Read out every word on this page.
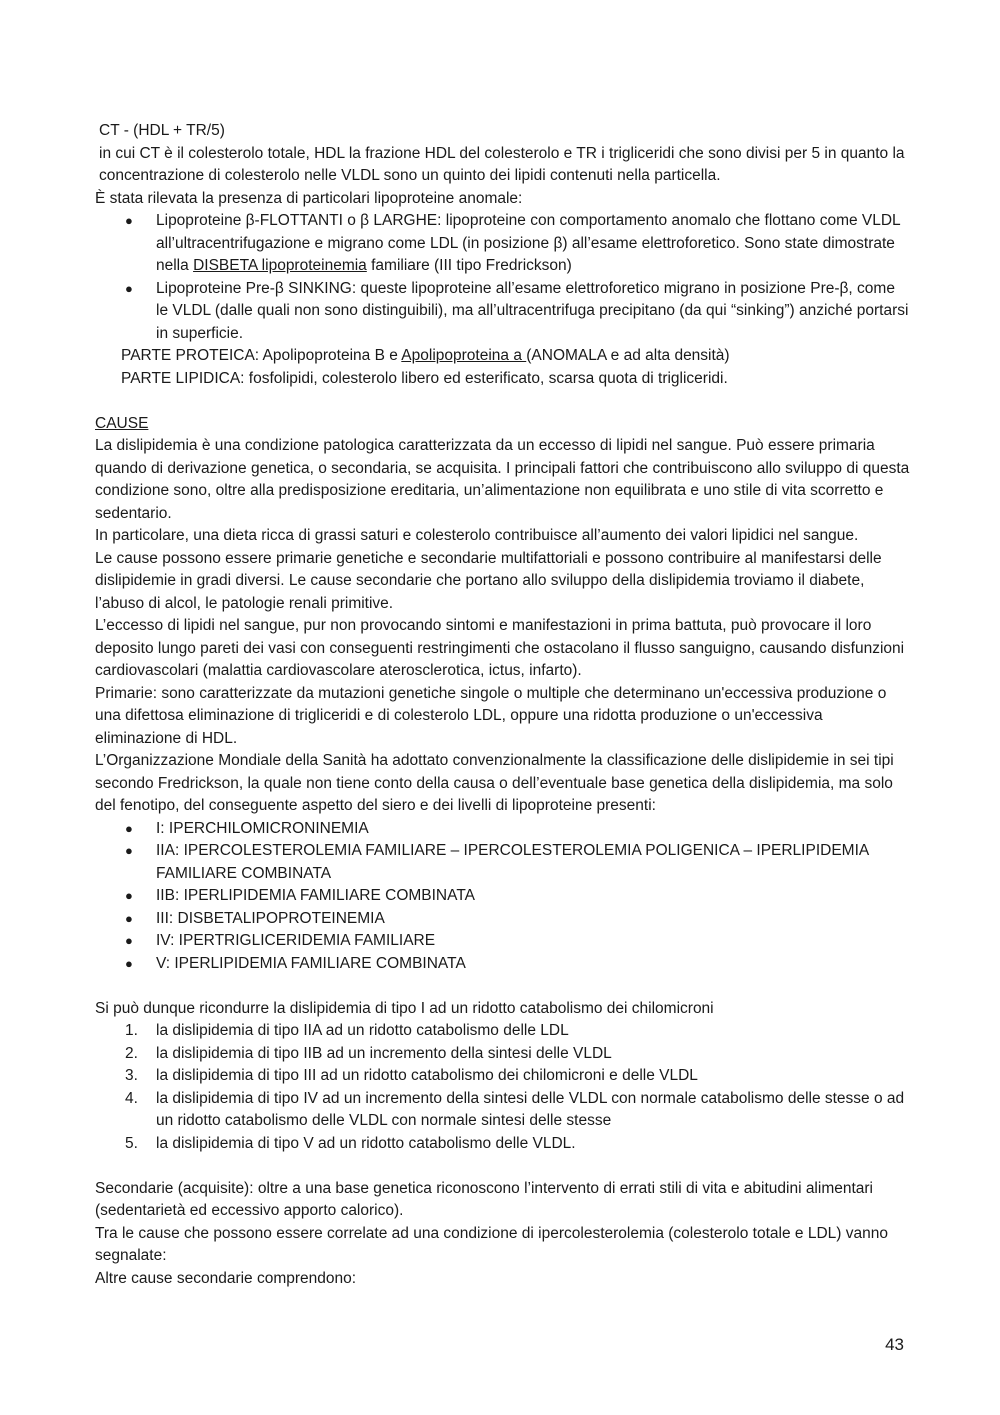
CT - (HDL + TR/5)

in cui CT è il colesterolo totale, HDL la frazione HDL del colesterolo e TR i trigliceridi che sono divisi per 5 in quanto la concentrazione di colesterolo nelle VLDL sono un quinto dei lipidi contenuti nella particella.

È stata rilevata la presenza di particolari lipoproteine anomale:

● Lipoproteine β-FLOTTANTI o β LARGHE: lipoproteine con comportamento anomalo che flottano come VLDL all’ultracentrifugazione e migrano come LDL (in posizione β) all’esame elettroforetico. Sono state dimostrate nella DISBETA lipoproteinemia familiare (III tipo Fredrickson)
● Lipoproteine Pre-β SINKING: queste lipoproteine all’esame elettroforetico migrano in posizione Pre-β, come le VLDL (dalle quali non sono distinguibili), ma all’ultracentrifuga precipitano (da qui “sinking”) anziché portarsi in superficie.

PARTE PROTEICA: Apolipoproteina B e Apolipoproteina a (ANOMALA e ad alta densità)

PARTE LIPIDICA: fosfolipidi, colesterolo libero ed esterificato, scarsa quota di trigliceridi.

CAUSE

La dislipidemia è una condizione patologica caratterizzata da un eccesso di lipidi nel sangue. Può essere primaria quando di derivazione genetica, o secondaria, se acquisita. I principali fattori che contribuiscono allo sviluppo di questa condizione sono, oltre alla predisposizione ereditaria, un’alimentazione non equilibrata e uno stile di vita scorretto e sedentario.

In particolare, una dieta ricca di grassi saturi e colesterolo contribuisce all’aumento dei valori lipidici nel sangue.

Le cause possono essere primarie genetiche e secondarie multifattoriali e possono contribuire al manifestarsi delle dislipidemie in gradi diversi. Le cause secondarie che portano allo sviluppo della dislipidemia troviamo il diabete, l’abuso di alcol, le patologie renali primitive.

L’eccesso di lipidi nel sangue, pur non provocando sintomi e manifestazioni in prima battuta, può provocare il loro deposito lungo pareti dei vasi con conseguenti restringimenti che ostacolano il flusso sanguigno, causando disfunzioni cardiovascolari (malattia cardiovascolare aterosclerotica, ictus, infarto).

Primarie: sono caratterizzate da mutazioni genetiche singole o multiple che determinano un'eccessiva produzione o una difettosa eliminazione di trigliceridi e di colesterolo LDL, oppure una ridotta produzione o un'eccessiva eliminazione di HDL.

L’Organizzazione Mondiale della Sanità ha adottato convenzionalmente la classificazione delle dislipidemie in sei tipi secondo Fredrickson, la quale non tiene conto della causa o dell’eventuale base genetica della dislipidemia, ma solo del fenotipo, del conseguente aspetto del siero e dei livelli di lipoproteine presenti:

● I: IPERCHILOMICRONINEMIA
● IIA: IPERCOLESTEROLEMIA FAMILIARE – IPERCOLESTEROLEMIA POLIGENICA – IPERLIPIDEMIA FAMILIARE COMBINATA
● IIB: IPERLIPIDEMIA FAMILIARE COMBINATA
● III: DISBETALIPOPROTEINEMIA
● IV: IPERTRIGLICERIDEMIA FAMILIARE
● V: IPERLIPIDEMIA FAMILIARE COMBINATA

Si può dunque ricondurre la dislipidemia di tipo I ad un ridotto catabolismo dei chilomicroni

1. la dislipidemia di tipo IIA ad un ridotto catabolismo delle LDL
2. la dislipidemia di tipo IIB ad un incremento della sintesi delle VLDL
3. la dislipidemia di tipo III ad un ridotto catabolismo dei chilomicroni e delle VLDL
4. la dislipidemia di tipo IV ad un incremento della sintesi delle VLDL con normale catabolismo delle stesse o ad un ridotto catabolismo delle VLDL con normale sintesi delle stesse
5. la dislipidemia di tipo V ad un ridotto catabolismo delle VLDL.

Secondarie (acquisite): oltre a una base genetica riconoscono l’intervento di errati stili di vita e abitudini alimentari (sedentarietà ed eccessivo apporto calorico).

Tra le cause che possono essere correlate ad una condizione di ipercolesterolemia (colesterolo totale e LDL) vanno segnalate:

Altre cause secondarie comprendono:

43
